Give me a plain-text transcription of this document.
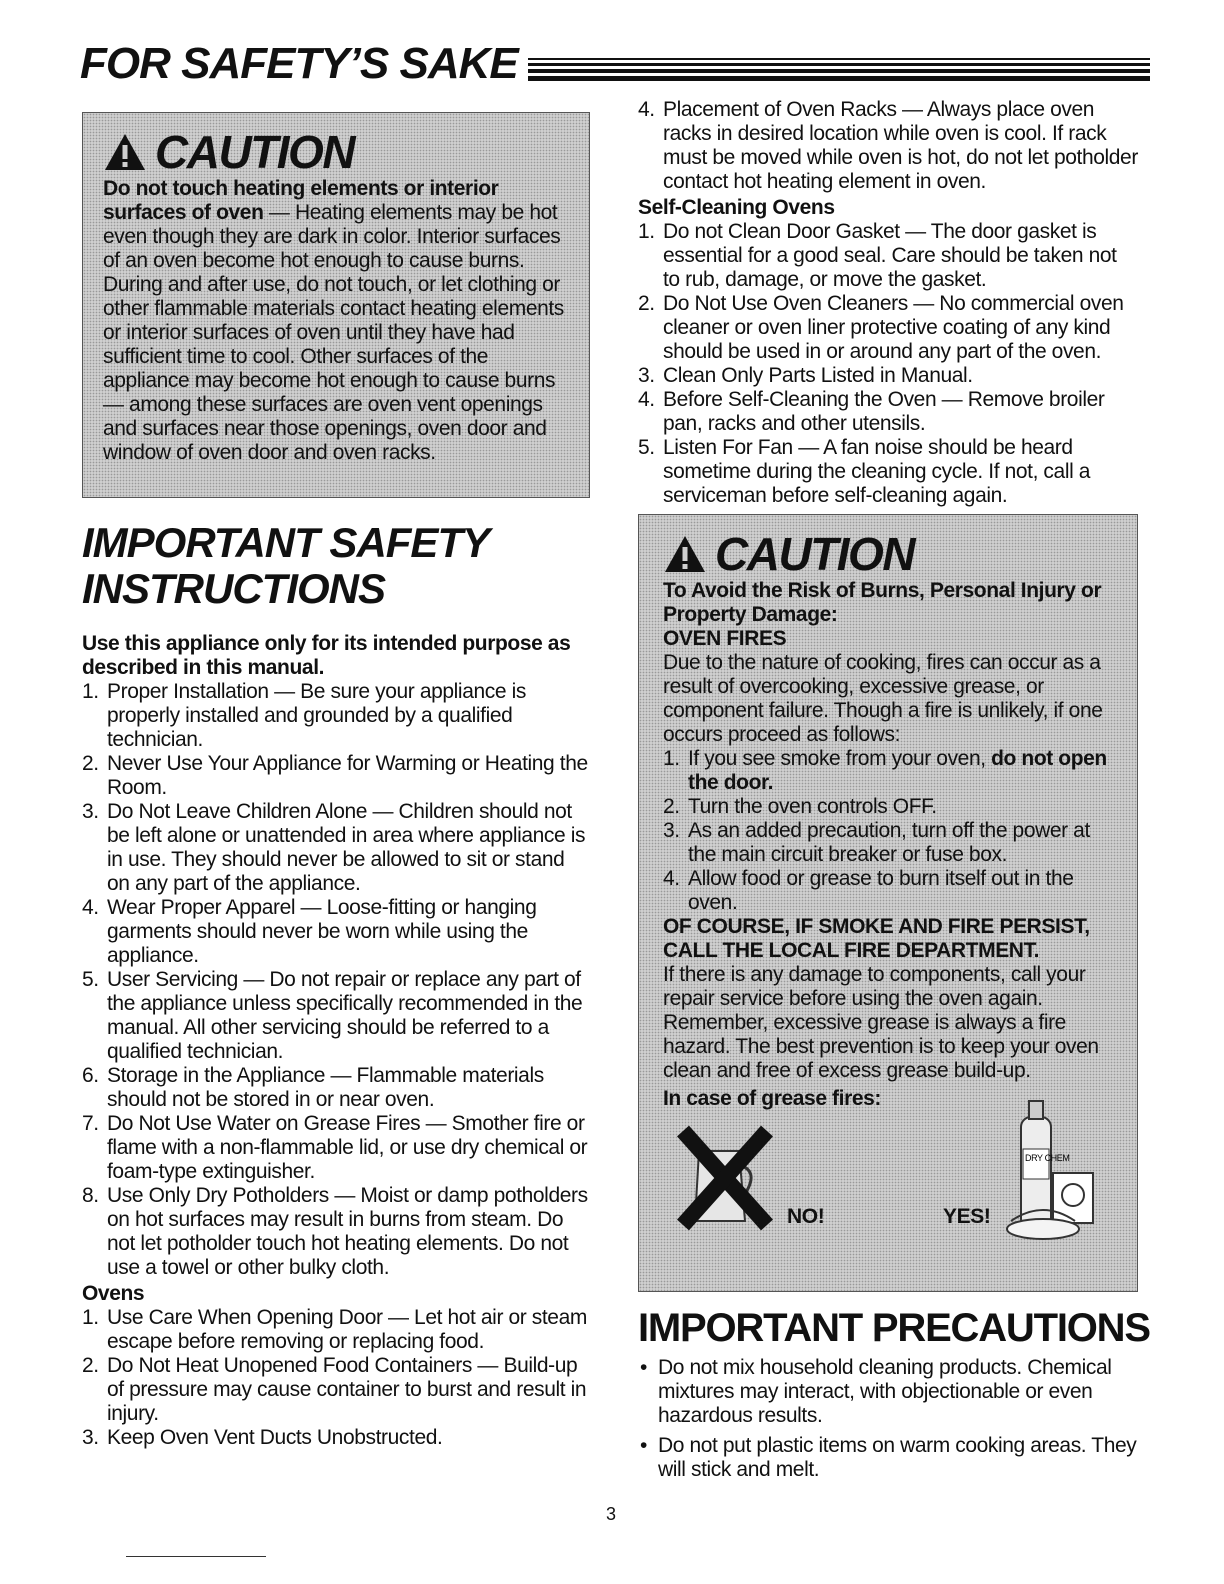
FOR SAFETY’S SAKE
CAUTION
Do not touch heating elements or interior surfaces of oven — Heating elements may be hot even though they are dark in color. Interior surfaces of an oven become hot enough to cause burns. During and after use, do not touch, or let clothing or other flammable materials contact heating elements or interior surfaces of oven until they have had sufficient time to cool. Other surfaces of the appliance may become hot enough to cause burns — among these surfaces are oven vent openings and surfaces near those openings, oven door and window of oven door and oven racks.
IMPORTANT SAFETY
INSTRUCTIONS

Use this appliance only for its intended purpose as described in this manual.

1. Proper Installation — Be sure your appliance is properly installed and grounded by a qualified technician.
2. Never Use Your Appliance for Warming or Heating the Room.
3. Do Not Leave Children Alone — Children should not be left alone or unattended in area where appliance is in use. They should never be allowed to sit or stand on any part of the appliance.
4. Wear Proper Apparel — Loose-fitting or hanging garments should never be worn while using the appliance.
5. User Servicing — Do not repair or replace any part of the appliance unless specifically recommended in the manual. All other servicing should be referred to a qualified technician.
6. Storage in the Appliance — Flammable materials should not be stored in or near oven.
7. Do Not Use Water on Grease Fires — Smother fire or flame with a non-flammable lid, or use dry chemical or foam-type extinguisher.
8. Use Only Dry Potholders — Moist or damp potholders on hot surfaces may result in burns from steam. Do not let potholder touch hot heating elements. Do not use a towel or other bulky cloth.

Ovens

1. Use Care When Opening Door — Let hot air or steam escape before removing or replacing food.
2. Do Not Heat Unopened Food Containers — Build-up of pressure may cause container to burst and result in injury.
3. Keep Oven Vent Ducts Unobstructed.
4. Placement of Oven Racks — Always place oven racks in desired location while oven is cool. If rack must be moved while oven is hot, do not let potholder contact hot heating element in oven.

Self-Cleaning Ovens

1. Do not Clean Door Gasket — The door gasket is essential for a good seal. Care should be taken not to rub, damage, or move the gasket.
2. Do Not Use Oven Cleaners — No commercial oven cleaner or oven liner protective coating of any kind should be used in or around any part of the oven.
3. Clean Only Parts Listed in Manual.
4. Before Self-Cleaning the Oven — Remove broiler pan, racks and other utensils.
5. Listen For Fan — A fan noise should be heard sometime during the cleaning cycle. If not, call a serviceman before self-cleaning again.
CAUTION
To Avoid the Risk of Burns, Personal Injury or Property Damage:
OVEN FIRES
Due to the nature of cooking, fires can occur as a result of overcooking, excessive grease, or component failure. Though a fire is unlikely, if one occurs proceed as follows:
1. If you see smoke from your oven, do not open the door.
2. Turn the oven controls OFF.
3. As an added precaution, turn off the power at the main circuit breaker or fuse box.
4. Allow food or grease to burn itself out in the oven.
OF COURSE, IF SMOKE AND FIRE PERSIST, CALL THE LOCAL FIRE DEPARTMENT.
If there is any damage to components, call your repair service before using the oven again. Remember, excessive grease is always a fire hazard. The best prevention is to keep your oven clean and free of excess grease build-up.
In case of grease fires:
NO!	YES!
DRY CHEM
IMPORTANT PRECAUTIONS
• Do not mix household cleaning products. Chemical mixtures may interact, with objectionable or even hazardous results.
• Do not put plastic items on warm cooking areas. They will stick and melt.
3
